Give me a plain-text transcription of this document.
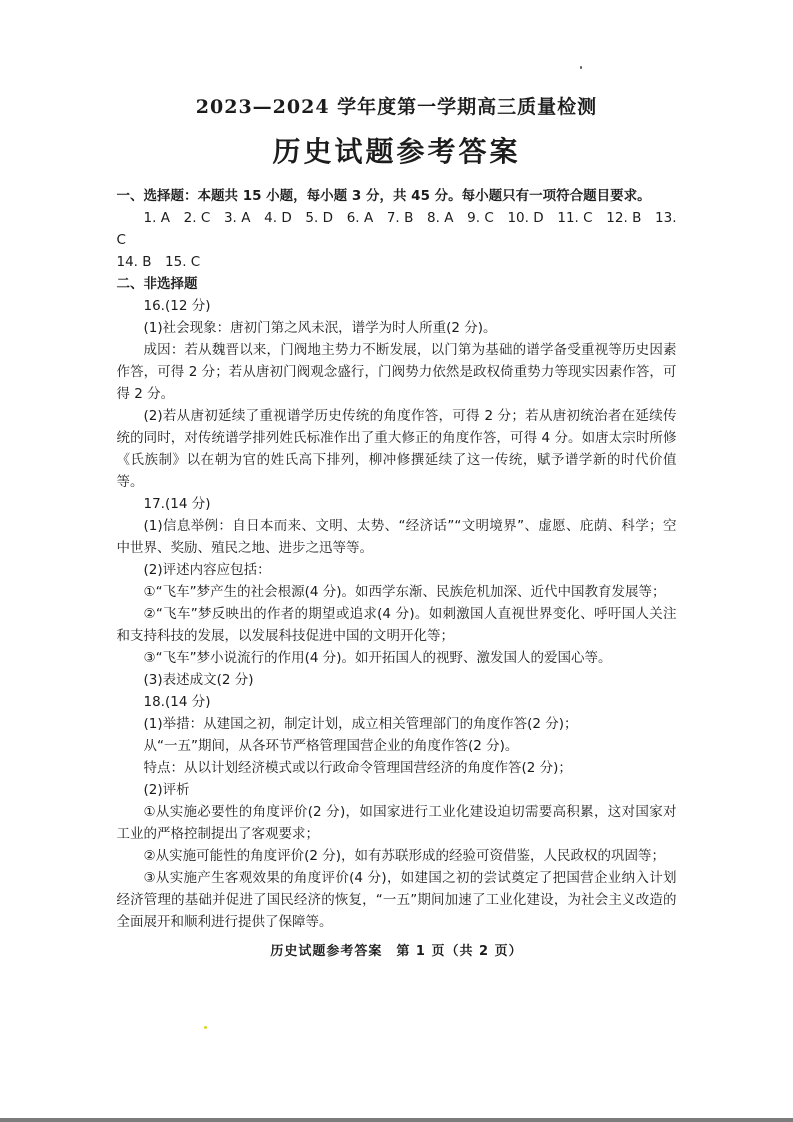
2023—2024 学年度第一学期高三质量检测
历史试题参考答案

一、选择题：本题共 15 小题，每小题 3 分，共 45 分。每小题只有一项符合题目要求。

1. A　2. C　3. A　4. D　5. D　6. A　7. B　8. A　9. C　10. D　11. C　12. B　13. C

14. B　15. C

二、非选择题

16.(12 分)

(1)社会现象：唐初门第之风未泯，谱学为时人所重(2 分)。

成因：若从魏晋以来，门阀地主势力不断发展，以门第为基础的谱学备受重视等历史因素作答，可得 2 分；若从唐初门阀观念盛行，门阀势力依然是政权倚重势力等现实因素作答，可得 2 分。

(2)若从唐初延续了重视谱学历史传统的角度作答，可得 2 分；若从唐初统治者在延续传统的同时，对传统谱学排列姓氏标准作出了重大修正的角度作答，可得 4 分。如唐太宗时所修《氏族制》以在朝为官的姓氏高下排列，柳冲修撰延续了这一传统，赋予谱学新的时代价值等。

17.(14 分)

(1)信息举例：自日本而来、文明、太势、“经济话”“文明境界”、虚愿、庇荫、科学；空中世界、奖励、殖民之地、进步之迅等等。

(2)评述内容应包括：

①“飞车”梦产生的社会根源(4 分)。如西学东渐、民族危机加深、近代中国教育发展等；

②“飞车”梦反映出的作者的期望或追求(4 分)。如刺激国人直视世界变化、呼吁国人关注和支持科技的发展，以发展科技促进中国的文明开化等；

③“飞车”梦小说流行的作用(4 分)。如开拓国人的视野、激发国人的爱国心等。

(3)表述成文(2 分)

18.(14 分)

(1)举措：从建国之初，制定计划，成立相关管理部门的角度作答(2 分)；

从“一五”期间，从各环节严格管理国营企业的角度作答(2 分)。

特点：从以计划经济模式或以行政命令管理国营经济的角度作答(2 分)；

(2)评析

①从实施必要性的角度评价(2 分)，如国家进行工业化建设迫切需要高积累，这对国家对工业的严格控制提出了客观要求；

②从实施可能性的角度评价(2 分)，如有苏联形成的经验可资借鉴，人民政权的巩固等；

③从实施产生客观效果的角度评价(4 分)，如建国之初的尝试奠定了把国营企业纳入计划经济管理的基础并促进了国民经济的恢复，“一五”期间加速了工业化建设，为社会主义改造的全面展开和顺利进行提供了保障等。

历史试题参考答案　第 1 页（共 2 页）
